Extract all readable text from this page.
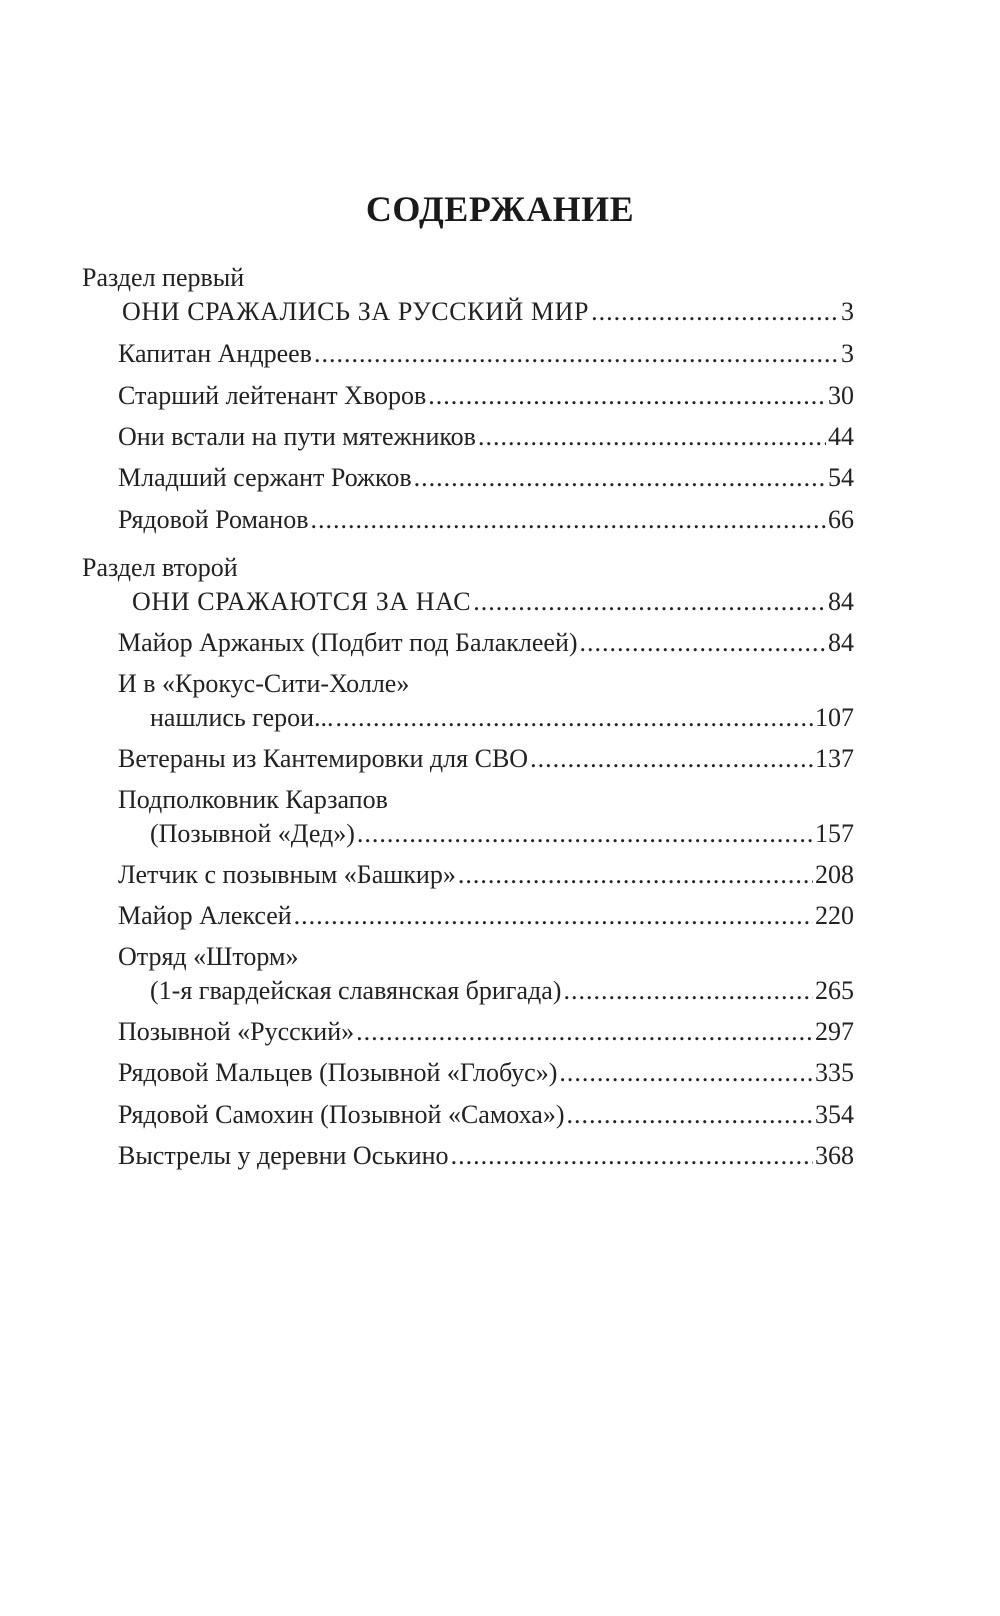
СОДЕРЖАНИЕ
Раздел первый
ОНИ СРАЖАЛИСЬ ЗА РУССКИЙ МИР .....	3
Капитан Андреев .....	3
Старший лейтенант Хворов .....	30
Они встали на пути мятежников .....	44
Младший сержант Рожков .....	54
Рядовой Романов .....	66
Раздел второй
ОНИ СРАЖАЮТСЯ ЗА НАС .....	84
Майор Аржаных (Подбит под Балаклеей) .....	84
И в «Крокус-Сити-Холле»
нашлись герои... .....	107
Ветераны из Кантемировки для СВО .....	137
Подполковник Карзапов
(Позывной «Дед») .....	157
Летчик с позывным «Башкир» .....	208
Майор Алексей .....	220
Отряд «Шторм»
(1-я гвардейская славянская бригада) .....	265
Позывной «Русский» .....	297
Рядовой Мальцев (Позывной «Глобус») .....	335
Рядовой Самохин (Позывной «Самоха») .....	354
Выстрелы у деревни Оськино .....	368
